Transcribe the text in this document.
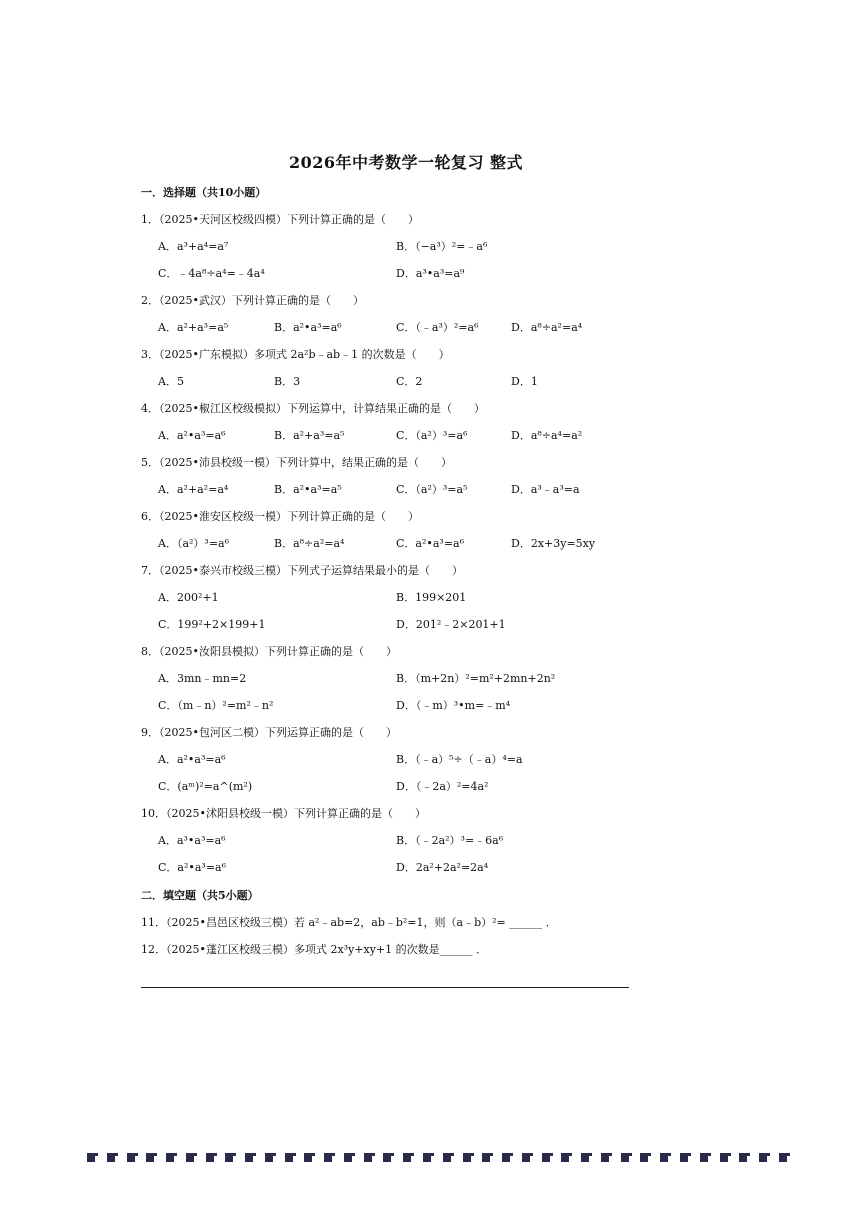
2026年中考数学一轮复习 整式
一．选择题（共10小题）
1．（2025•天河区校级四模）下列计算正确的是（　　）
A．a³+a⁴=a⁷	B．（−a³）²=﹣a⁶
C．﹣4a⁸÷a⁴=﹣4a⁴	D．a³•a³=a⁹
2．（2025•武汉）下列计算正确的是（　　）
A．a²+a³=a⁵	B．a²•a³=a⁶	C．（﹣a³）²=a⁶	D．a⁸÷a²=a⁴
3．（2025•广东模拟）多项式 2a²b﹣ab﹣1 的次数是（　　）
A．5	B．3	C．2	D．1
4．（2025•椒江区校级模拟）下列运算中，计算结果正确的是（　　）
A．a²•a³=a⁶	B．a²+a³=a⁵	C．（a²）³=a⁶	D．a⁸÷a⁴=a²
5．（2025•沛县校级一模）下列计算中，结果正确的是（　　）
A．a²+a²=a⁴	B．a²•a³=a⁵	C．（a²）³=a⁵	D．a³﹣a³=a
6．（2025•淮安区校级一模）下列计算正确的是（　　）
A．（a²）³=a⁶	B．a⁸÷a²=a⁴	C．a²•a³=a⁶	D．2x+3y=5xy
7．（2025•泰兴市校级三模）下列式子运算结果最小的是（　　）
A．200²+1	B．199×201
C．199²+2×199+1	D．201²﹣2×201+1
8．（2025•汝阳县模拟）下列计算正确的是（　　）
A．3mn﹣mn=2	B．（m+2n）²=m²+2mn+2n²
C．（m﹣n）²=m²﹣n²	D．（﹣m）³•m=﹣m⁴
9．（2025•包河区二模）下列运算正确的是（　　）
A．a²•a³=a⁶	B．（﹣a）⁵÷（﹣a）⁴=a
C．(aᵐ)²=a^(m²)	D．（﹣2a）²=4a²
10．（2025•沭阳县校级一模）下列计算正确的是（　　）
A．a³•a³=a⁶	B．（﹣2a²）³=﹣6a⁶
C．a²•a³=a⁶	D．2a²+2a²=2a⁴
二．填空题（共5小题）
11．（2025•昌邑区校级三模）若 a²﹣ab=2，ab﹣b²=1，则（a﹣b）²= ______ ．
12．（2025•蓬江区校级三模）多项式 2x³y+xy+1 的次数是______ ．
